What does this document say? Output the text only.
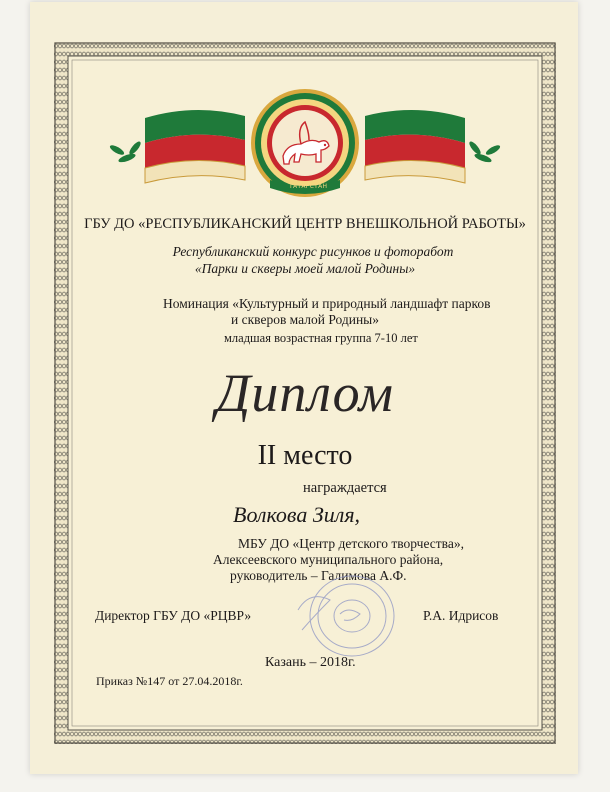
ТАТАРСТАН
ГБУ ДО «РЕСПУБЛИКАНСКИЙ ЦЕНТР ВНЕШКОЛЬНОЙ РАБОТЫ»
Республиканский конкурс рисунков и фоторабот
«Парки и скверы моей малой Родины»
Номинация «Культурный и природный ландшафт парков
и скверов малой Родины»
младшая возрастная группа 7-10 лет
Диплом
II место
награждается
Волкова Зиля,
МБУ ДО «Центр детского творчества»,
Алексеевского муниципального района,
руководитель – Галимова А.Ф.
Директор ГБУ ДО «РЦВР»	Р.А. Идрисов
Казань – 2018г.
Приказ №147 от 27.04.2018г.
